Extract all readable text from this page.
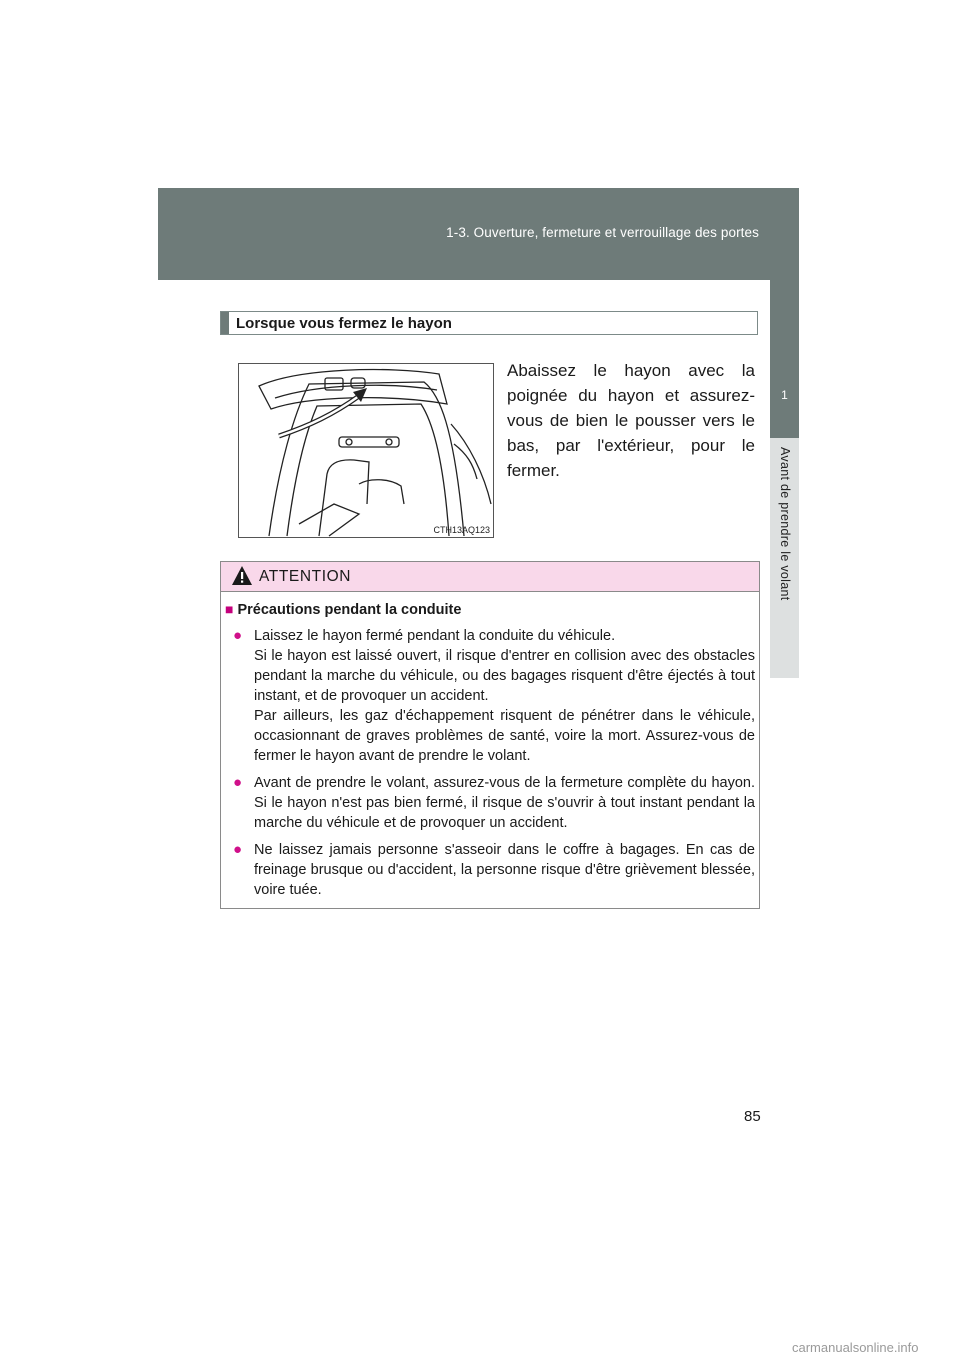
1-3. Ouverture, fermeture et verrouillage des portes
1
Avant de prendre le volant
Lorsque vous fermez le hayon
CTH13AQ123
Abaissez le hayon avec la poignée du hayon et assurez-vous de bien le pousser vers le bas, par l'extérieur, pour le fermer.
ATTENTION
■ Précautions pendant la conduite
● Laissez le hayon fermé pendant la conduite du véhicule.

Si le hayon est laissé ouvert, il risque d'entrer en collision avec des obstacles pendant la marche du véhicule, ou des bagages risquent d'être éjectés à tout instant, et de provoquer un accident.

Par ailleurs, les gaz d'échappement risquent de pénétrer dans le véhicule, occasionnant de graves problèmes de santé, voire la mort. Assurez-vous de fermer le hayon avant de prendre le volant.

● Avant de prendre le volant, assurez-vous de la fermeture complète du hayon. Si le hayon n'est pas bien fermé, il risque de s'ouvrir à tout instant pendant la marche du véhicule et de provoquer un accident.

● Ne laissez jamais personne s'asseoir dans le coffre à bagages. En cas de freinage brusque ou d'accident, la personne risque d'être grièvement blessée, voire tuée.

85
carmanualsonline.info
